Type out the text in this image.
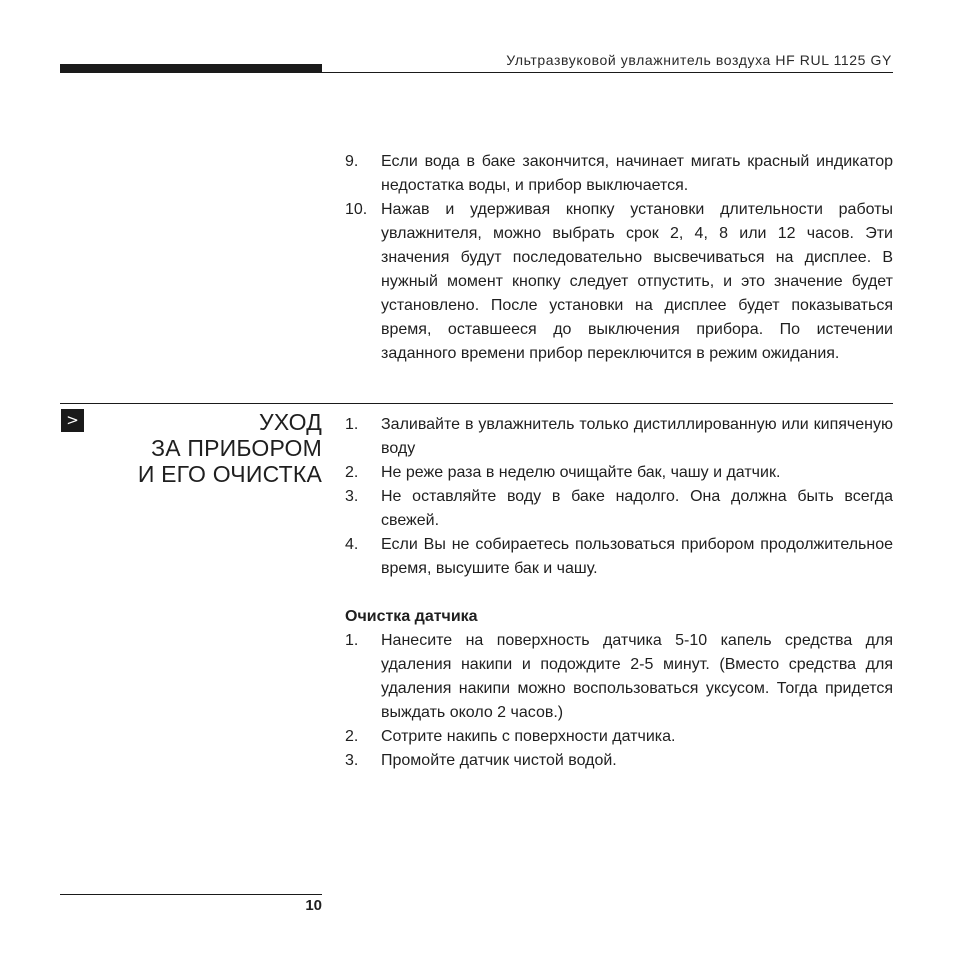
Ультразвуковой увлажнитель воздуха HF RUL 1125 GY
9. Если вода в баке закончится, начинает мигать красный индикатор недостатка воды, и прибор выключается.
10. Нажав и удерживая кнопку установки длительности работы увлажнителя, можно выбрать срок 2, 4, 8 или 12 часов. Эти значения будут последовательно высвечиваться на дисплее. В нужный момент кнопку следует отпустить, и это значение будет установлено. После установки на дисплее будет показываться время, оставшееся до выключения прибора. По истечении заданного времени прибор переключится в режим ожидания.
>	УХОД
ЗА ПРИБОРОМ
И ЕГО ОЧИСТКА
1. Заливайте в увлажнитель только дистиллированную или кипяченую воду
2. Не реже раза в неделю очищайте бак, чашу и датчик.
3. Не оставляйте воду в баке надолго. Она должна быть всегда свежей.
4. Если Вы не собираетесь пользоваться прибором продолжительное время, высушите бак и чашу.
Очистка датчика
1. Нанесите на поверхность датчика 5-10 капель средства для удаления накипи и подождите 2-5 минут. (Вместо средства для удаления накипи можно воспользоваться уксусом. Тогда придется выждать около 2 часов.)
2. Сотрите накипь с поверхности датчика.
3. Промойте датчик чистой водой.
10
